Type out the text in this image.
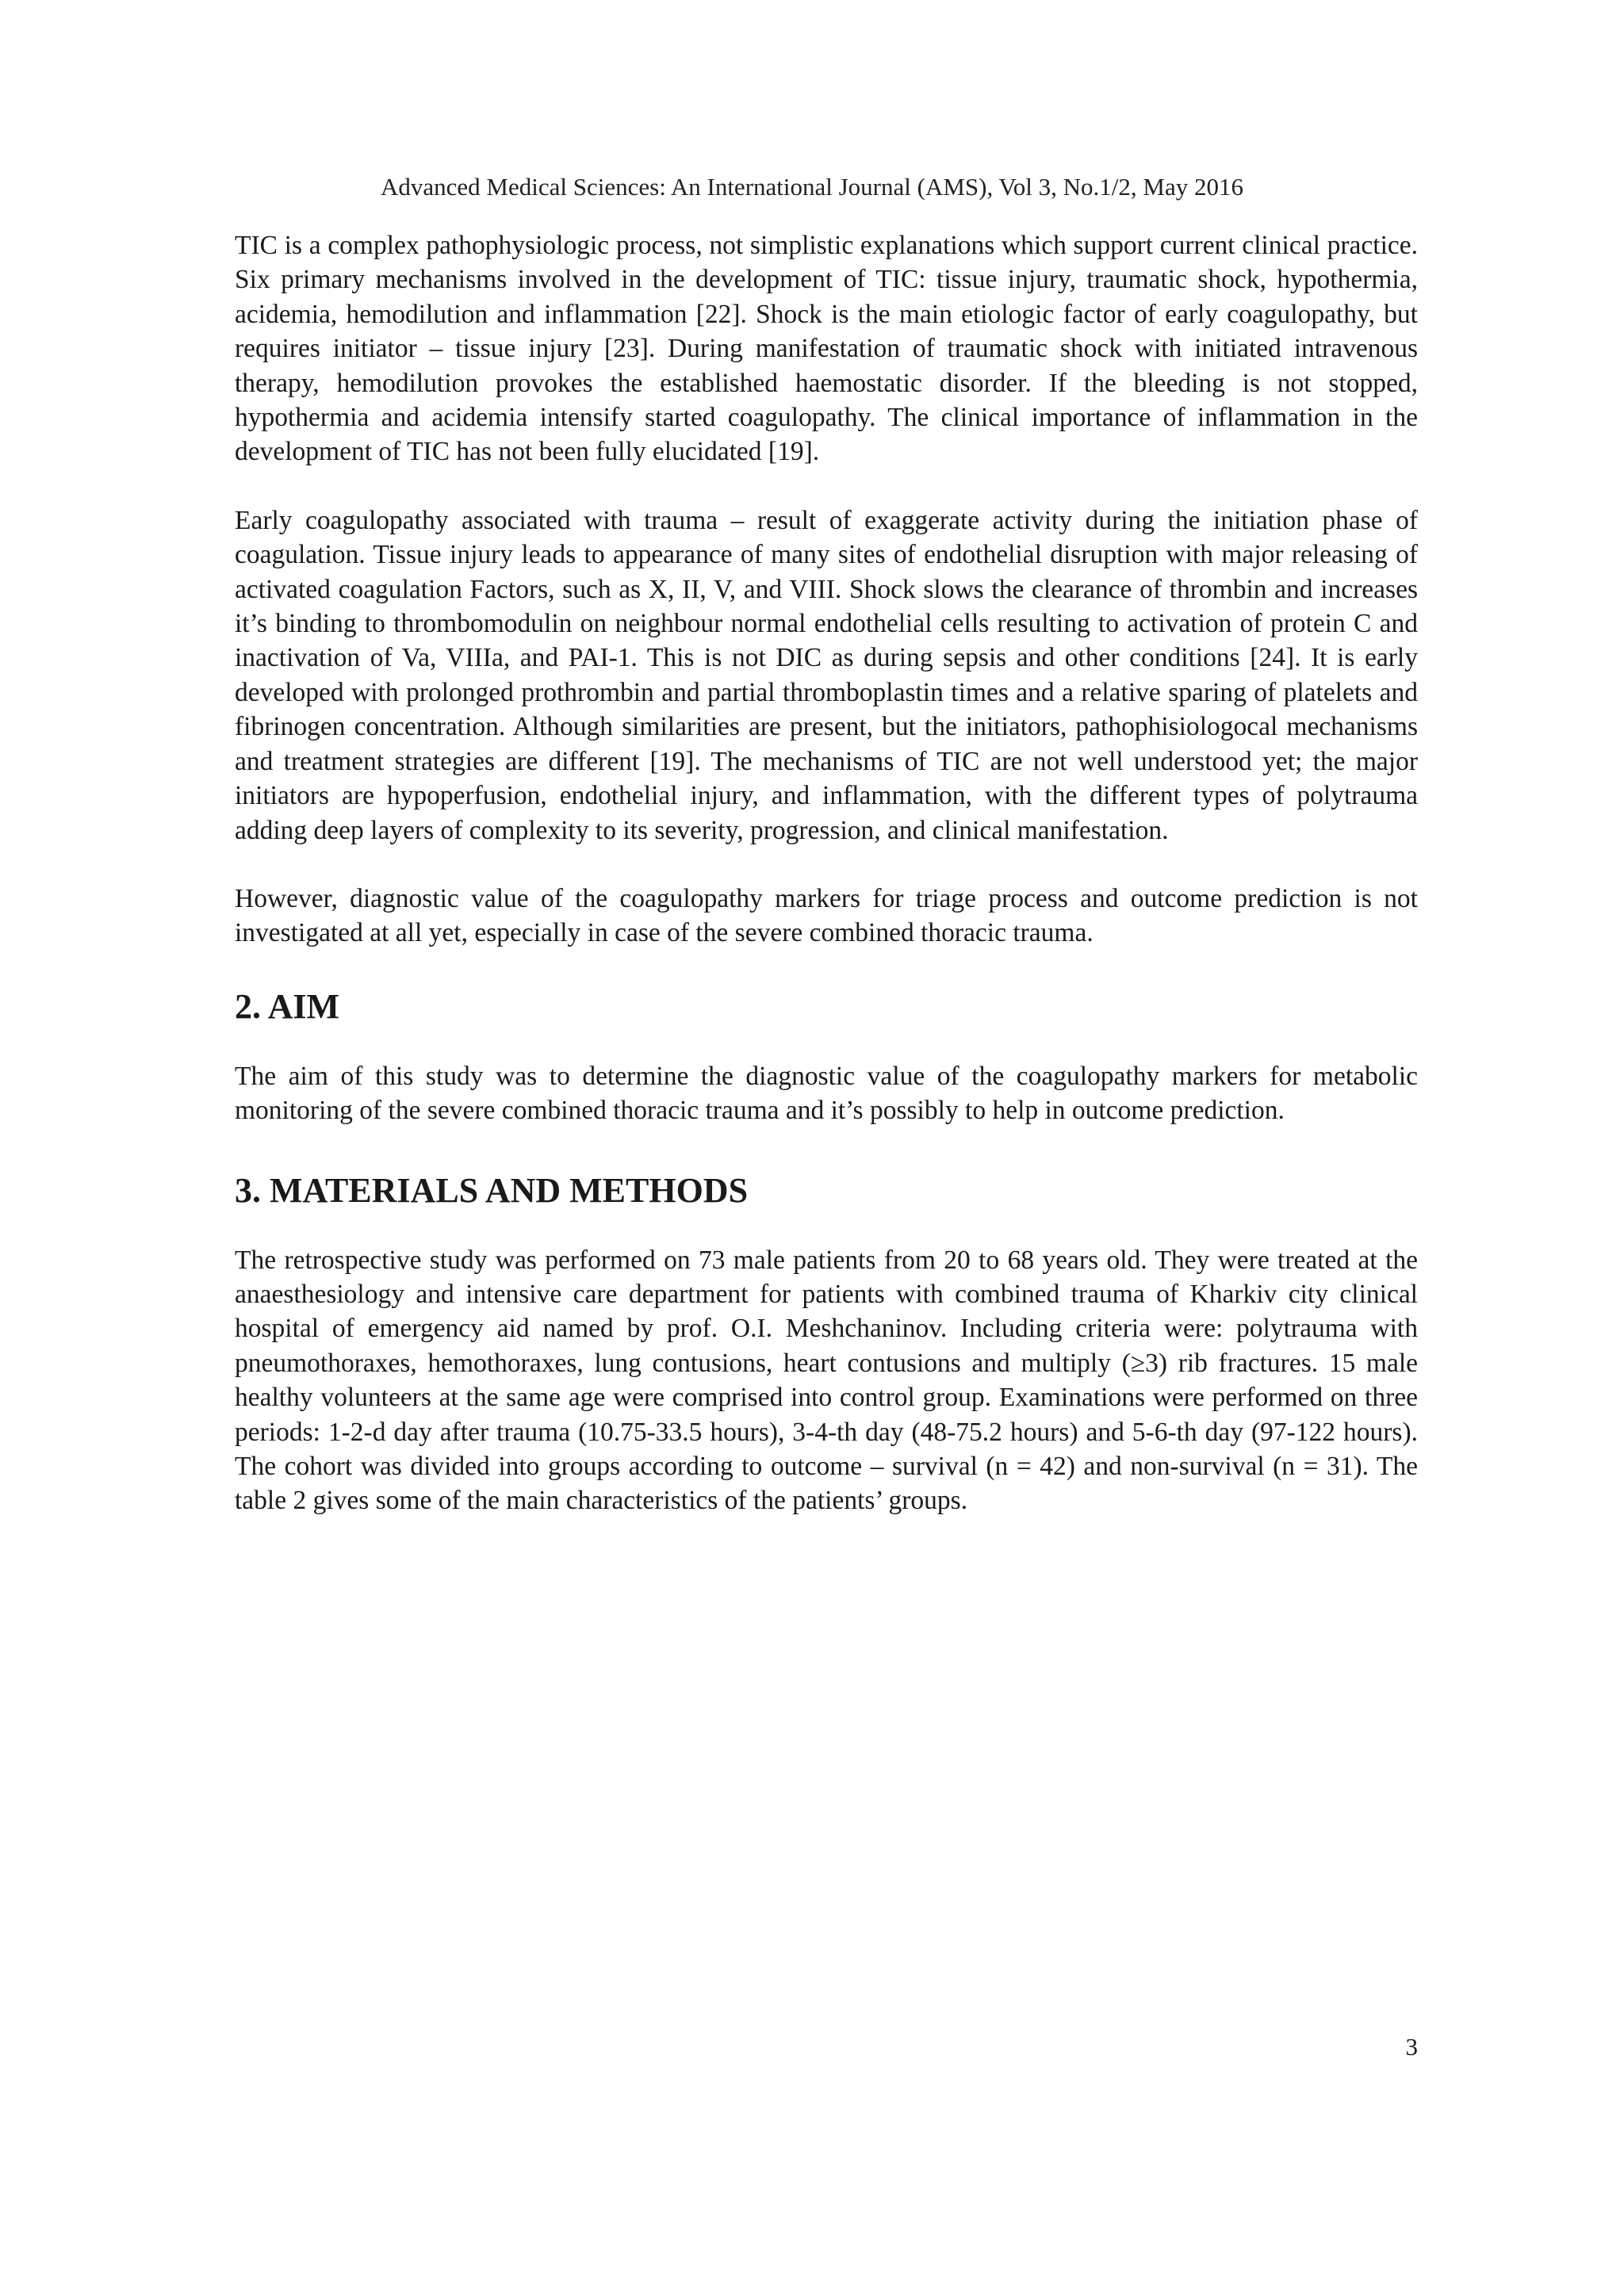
Advanced Medical Sciences: An International Journal (AMS), Vol 3, No.1/2, May 2016

TIC is a complex pathophysiologic process, not simplistic explanations which support current clinical practice. Six primary mechanisms involved in the development of TIC: tissue injury, traumatic shock, hypothermia, acidemia, hemodilution and inflammation [22]. Shock is the main etiologic factor of early coagulopathy, but requires initiator – tissue injury [23]. During manifestation of traumatic shock with initiated intravenous therapy, hemodilution provokes the established haemostatic disorder. If the bleeding is not stopped, hypothermia and acidemia intensify started coagulopathy. The clinical importance of inflammation in the development of TIC has not been fully elucidated [19].

Early coagulopathy associated with trauma – result of exaggerate activity during the initiation phase of coagulation. Tissue injury leads to appearance of many sites of endothelial disruption with major releasing of activated coagulation Factors, such as X, II, V, and VIII. Shock slows the clearance of thrombin and increases it’s binding to thrombomodulin on neighbour normal endothelial cells resulting to activation of protein C and inactivation of Va, VIIIa, and PAI-1. This is not DIC as during sepsis and other conditions [24]. It is early developed with prolonged prothrombin and partial thromboplastin times and a relative sparing of platelets and fibrinogen concentration. Although similarities are present, but the initiators, pathophisiologocal mechanisms and treatment strategies are different [19]. The mechanisms of TIC are not well understood yet; the major initiators are hypoperfusion, endothelial injury, and inflammation, with the different types of polytrauma adding deep layers of complexity to its severity, progression, and clinical manifestation.

However, diagnostic value of the coagulopathy markers for triage process and outcome prediction is not investigated at all yet, especially in case of the severe combined thoracic trauma.

2. AIM

The aim of this study was to determine the diagnostic value of the coagulopathy markers for metabolic monitoring of the severe combined thoracic trauma and it’s possibly to help in outcome prediction.

3. MATERIALS AND METHODS

The retrospective study was performed on 73 male patients from 20 to 68 years old. They were treated at the anaesthesiology and intensive care department for patients with combined trauma of Kharkiv city clinical hospital of emergency aid named by prof. O.I. Meshchaninov. Including criteria were: polytrauma with pneumothoraxes, hemothoraxes, lung contusions, heart contusions and multiply (≥3) rib fractures. 15 male healthy volunteers at the same age were comprised into control group. Examinations were performed on three periods: 1-2-d day after trauma (10.75-33.5 hours), 3-4-th day (48-75.2 hours) and 5-6-th day (97-122 hours). The cohort was divided into groups according to outcome – survival (n = 42) and non-survival (n = 31). The table 2 gives some of the main characteristics of the patients’ groups.

3
